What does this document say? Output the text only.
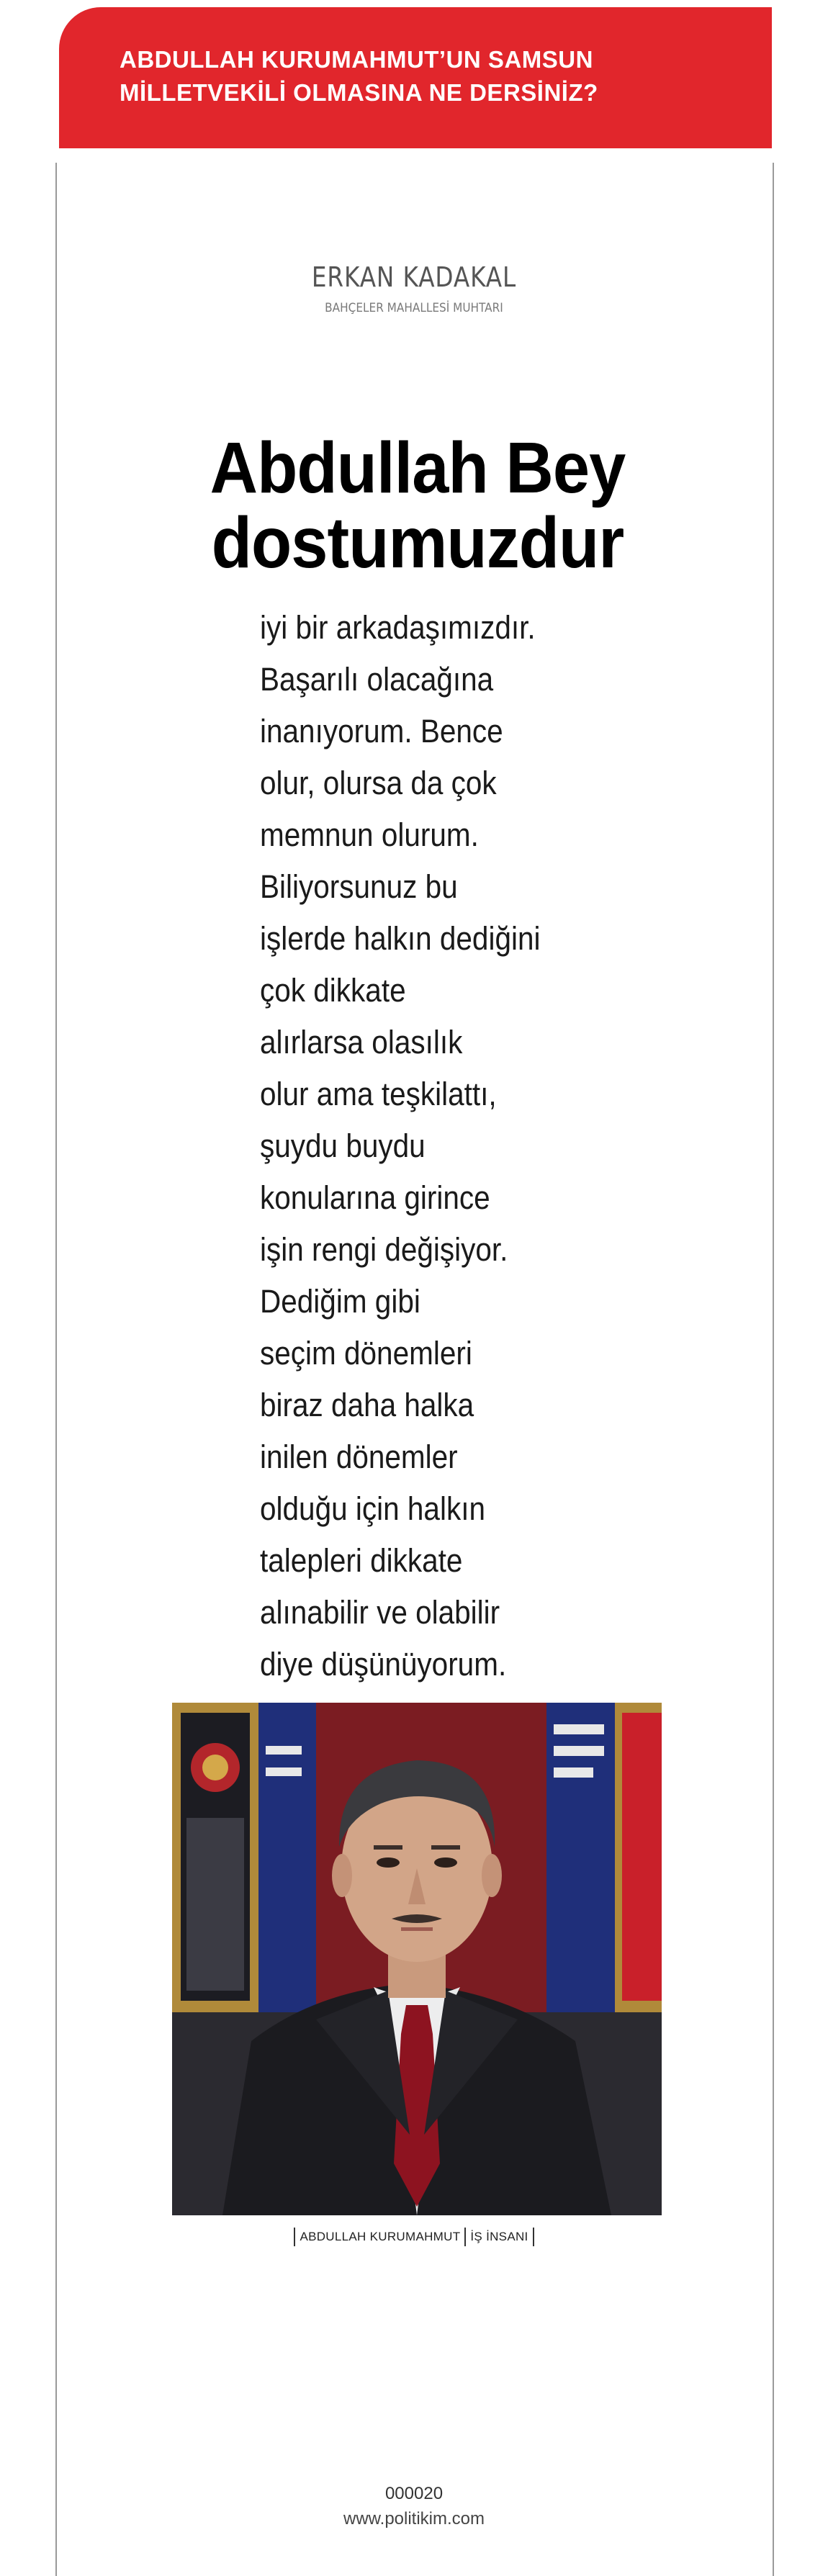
ABDULLAH KURUMAHMUT’UN SAMSUN
MİLLETVEKİLİ OLMASINA NE DERSİNİZ?
ERKAN KADAKAL
BAHÇELER MAHALLESİ MUHTARI
Abdullah Bey
dostumuzdur
iyi bir arkadaşımızdır.
Başarılı olacağına
inanıyorum. Bence
olur, olursa da çok
memnun olurum.
Biliyorsunuz bu
işlerde halkın dediğini
çok dikkate
alırlarsa olasılık
olur ama teşkilattı,
şuydu buydu
konularına girince
işin rengi değişiyor.
Dediğim gibi
seçim dönemleri
biraz daha halka
inilen dönemler
olduğu için halkın
talepleri dikkate
alınabilir ve olabilir
diye düşünüyorum.
ABDULLAH KURUMAHMUT İŞ İNSANI
000020
www.politikim.com
